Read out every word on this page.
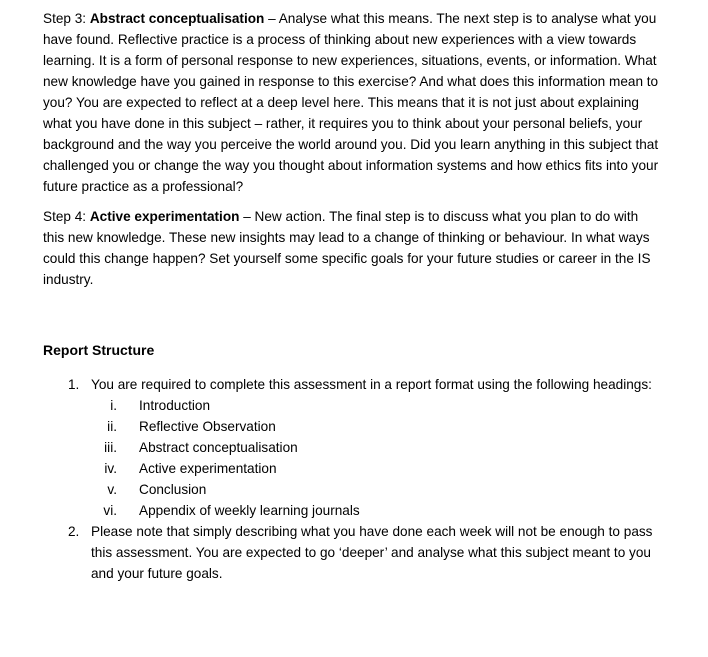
Step 3: Abstract conceptualisation – Analyse what this means. The next step is to analyse what you have found. Reflective practice is a process of thinking about new experiences with a view towards learning. It is a form of personal response to new experiences, situations, events, or information. What new knowledge have you gained in response to this exercise? And what does this information mean to you? You are expected to reflect at a deep level here. This means that it is not just about explaining what you have done in this subject – rather, it requires you to think about your personal beliefs, your background and the way you perceive the world around you. Did you learn anything in this subject that challenged you or change the way you thought about information systems and how ethics fits into your future practice as a professional?

Step 4: Active experimentation – New action. The final step is to discuss what you plan to do with this new knowledge. These new insights may lead to a change of thinking or behaviour. In what ways could this change happen? Set yourself some specific goals for your future studies or career in the IS industry.

Report Structure
1. You are required to complete this assessment in a report format using the following headings:
i. Introduction
ii. Reflective Observation
iii. Abstract conceptualisation
iv. Active experimentation
v. Conclusion
vi. Appendix of weekly learning journals
2. Please note that simply describing what you have done each week will not be enough to pass this assessment. You are expected to go ‘deeper’ and analyse what this subject meant to you and your future goals.
